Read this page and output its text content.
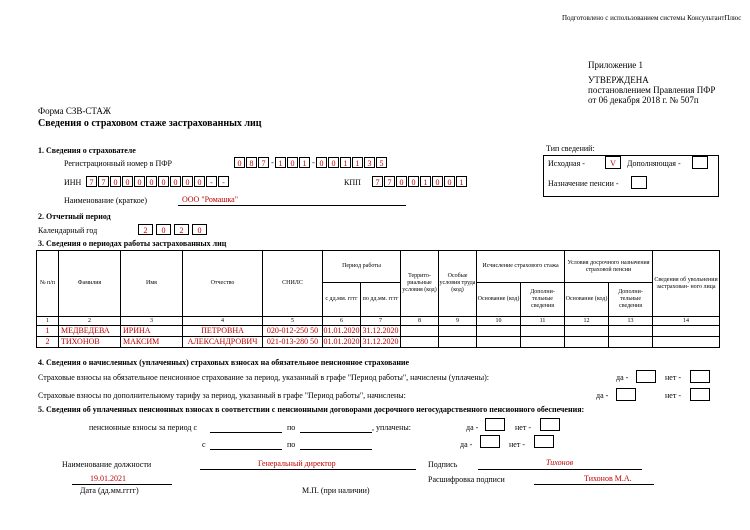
Подготовлено с использованием системы КонсультантПлюс
Приложение 1
УТВЕРЖДЕНА
постановлением Правления ПФР
от 06 декабря 2018 г. № 507п
Форма СЗВ-СТАЖ
Сведения о страховом стаже застрахованных лиц
1. Сведения о страхователе
Регистрационный номер в ПФР	0	8	7 - 1	0	1 - 0	0	1	1	3	5
ИНН	7	7	0	0	0	0	0	0	0	0	-	-	КПП	7	7	0	0	1	0	0	1
Наименование (краткое)	ООО "Ромашка"
Тип сведений:
Исходная -	V	Дополняющая -
Назначение пенсии -
2. Отчетный период
Календарный год	2	0	2	0
3. Сведения о периодах работы застрахованных лиц
№ п/п	Фамилия	Имя	Отчество	СНИЛС	Период работы		Террито- риальные условия (код)	Особые условия труда (код)	Исчисление страхового стажа		Условия досрочного назначения страховой пенсии		Сведения об увольнении застрахован- ного лица
					с дд.мм. гггг	по дд.мм. гггг			Основание (код)	Дополни- тельные сведения	Основание (код)	Дополни- тельные сведения	
1	2	3	4	5	6	7	8	9	10	11	12	13	14
1	МЕДВЕДЕВА	ИРИНА	ПЕТРОВНА	020-012-250 50	01.01.2020	31.12.2020							
2	ТИХОНОВ	МАКСИМ	АЛЕКСАНДРОВИЧ	021-013-280 50	01.01.2020	31.12.2020							
4. Сведения о начисленных (уплаченных) страховых взносах на обязательное пенсионное страхование
Страховые взносы на обязательное пенсионное страхование за период, указанный в графе "Период работы", начислены (уплачены):	да -	нет -
Страховые взносы по дополнительному тарифу за период, указанный в графе "Период работы", начислены:	да -	нет -
5. Сведения об уплаченных пенсионных взносах в соответствии с пенсионными договорами досрочного негосударственного пенсионного обеспечения:
пенсионные взносы за период с	по	, уплачены:	да -	нет -
с	по	да -	нет -
Наименование должности	Генеральный директор	Подпись	Тихонов
19.01.2021
Дата (дд.мм.гггг)	М.П. (при наличии)
Расшифровка подписи	Тихонов М.А.
